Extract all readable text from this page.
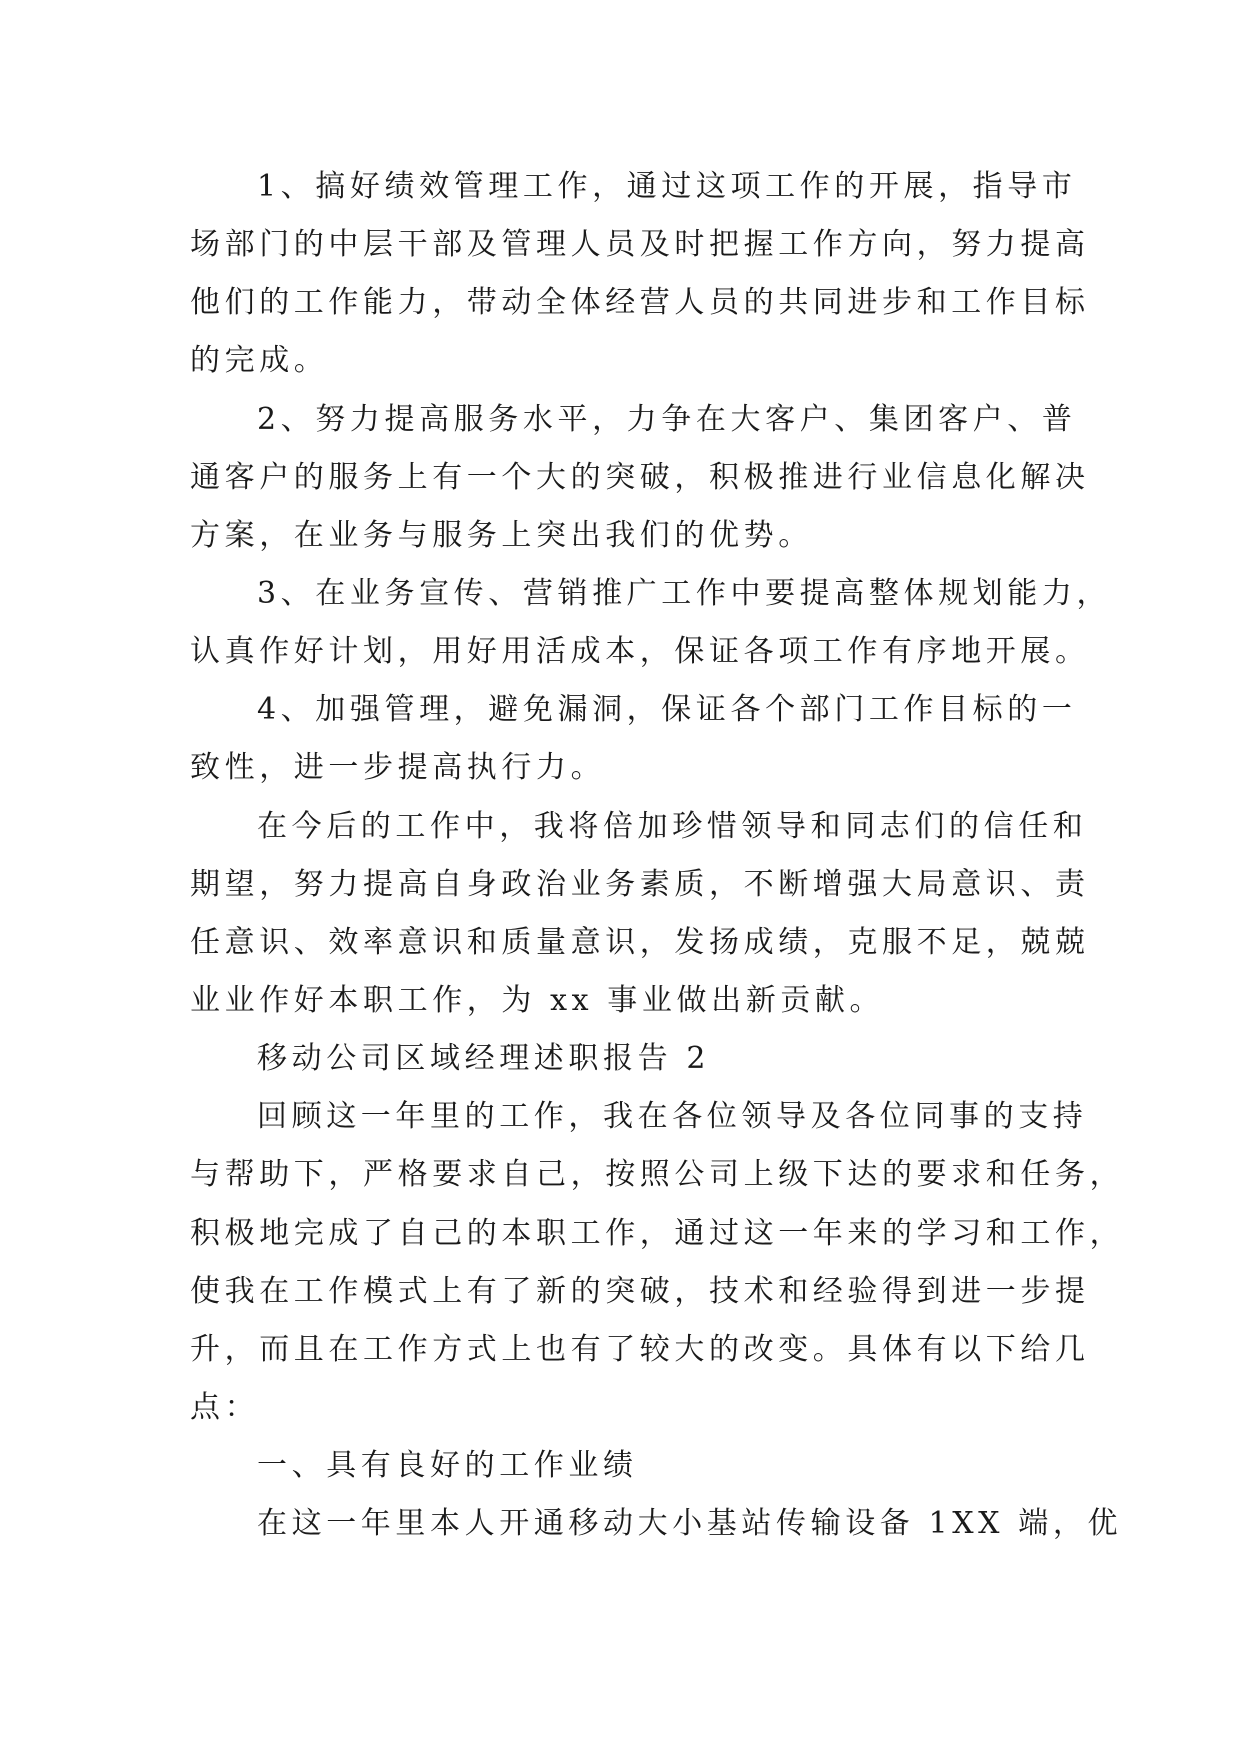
1、搞好绩效管理工作，通过这项工作的开展，指导市

场部门的中层干部及管理人员及时把握工作方向，努力提高

他们的工作能力，带动全体经营人员的共同进步和工作目标

的完成。

2、努力提高服务水平，力争在大客户、集团客户、普

通客户的服务上有一个大的突破，积极推进行业信息化解决

方案，在业务与服务上突出我们的优势。

3、在业务宣传、营销推广工作中要提高整体规划能力，

认真作好计划，用好用活成本，保证各项工作有序地开展。

4、加强管理，避免漏洞，保证各个部门工作目标的一

致性，进一步提高执行力。

在今后的工作中，我将倍加珍惜领导和同志们的信任和

期望，努力提高自身政治业务素质，不断增强大局意识、责

任意识、效率意识和质量意识，发扬成绩，克服不足，兢兢

业业作好本职工作，为 xx 事业做出新贡献。

移动公司区域经理述职报告 2

回顾这一年里的工作，我在各位领导及各位同事的支持

与帮助下，严格要求自己，按照公司上级下达的要求和任务，

积极地完成了自己的本职工作，通过这一年来的学习和工作，

使我在工作模式上有了新的突破，技术和经验得到进一步提

升，而且在工作方式上也有了较大的改变。具体有以下给几

点：

一、具有良好的工作业绩

在这一年里本人开通移动大小基站传输设备 1XX 端，优
